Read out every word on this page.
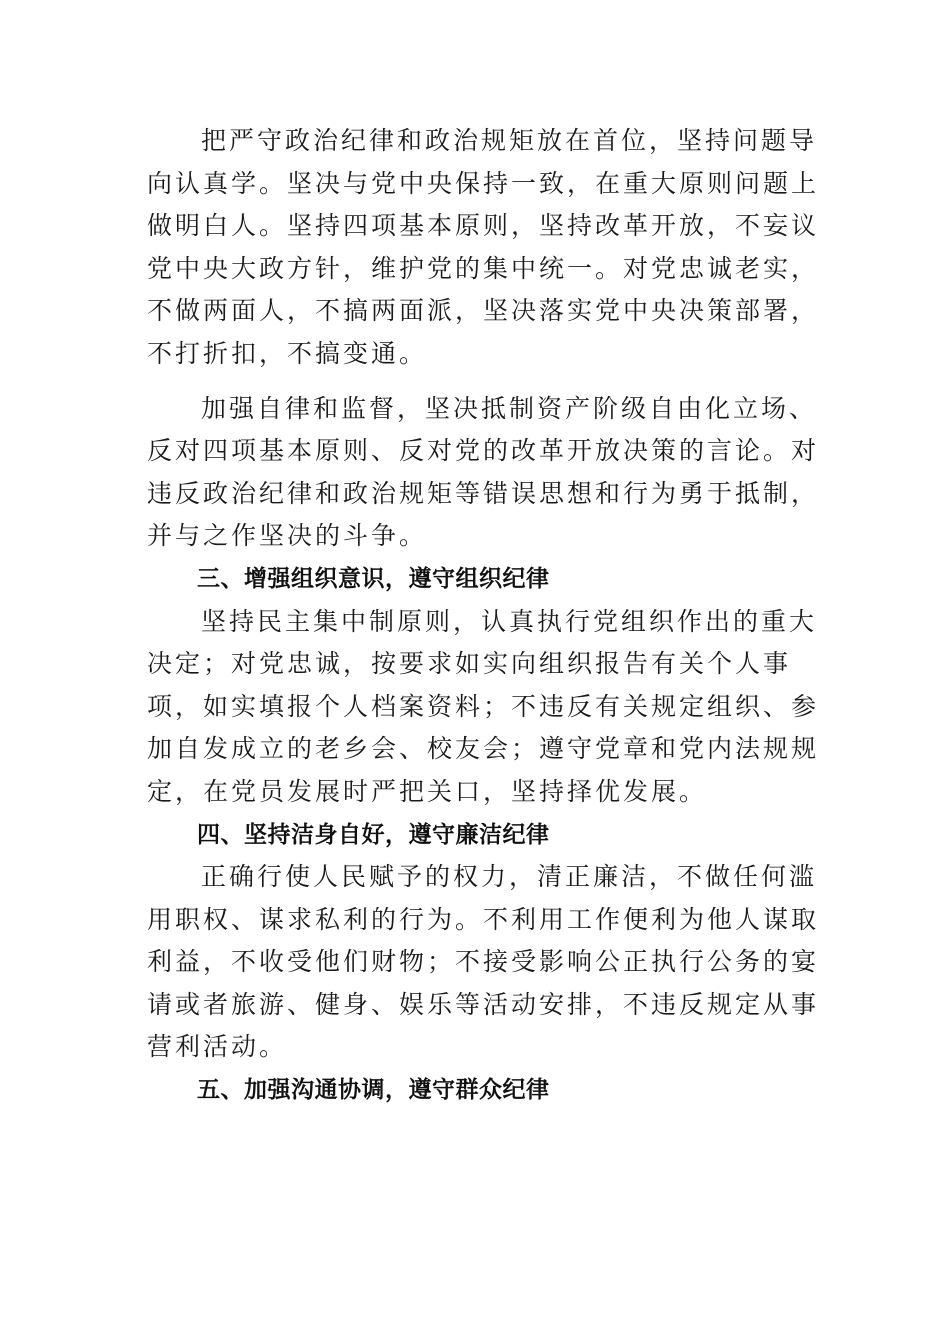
把严守政治纪律和政治规矩放在首位，坚持问题导向认真学。坚决与党中央保持一致，在重大原则问题上做明白人。坚持四项基本原则，坚持改革开放，不妄议党中央大政方针，维护党的集中统一。对党忠诚老实，不做两面人，不搞两面派，坚决落实党中央决策部署，不打折扣，不搞变通。

加强自律和监督，坚决抵制资产阶级自由化立场、反对四项基本原则、反对党的改革开放决策的言论。对违反政治纪律和政治规矩等错误思想和行为勇于抵制，并与之作坚决的斗争。

三、增强组织意识，遵守组织纪律

坚持民主集中制原则，认真执行党组织作出的重大决定；对党忠诚，按要求如实向组织报告有关个人事项，如实填报个人档案资料；不违反有关规定组织、参加自发成立的老乡会、校友会；遵守党章和党内法规规定，在党员发展时严把关口，坚持择优发展。

四、坚持洁身自好，遵守廉洁纪律

正确行使人民赋予的权力，清正廉洁，不做任何滥用职权、谋求私利的行为。不利用工作便利为他人谋取利益，不收受他们财物；不接受影响公正执行公务的宴请或者旅游、健身、娱乐等活动安排，不违反规定从事营利活动。

五、加强沟通协调，遵守群众纪律
